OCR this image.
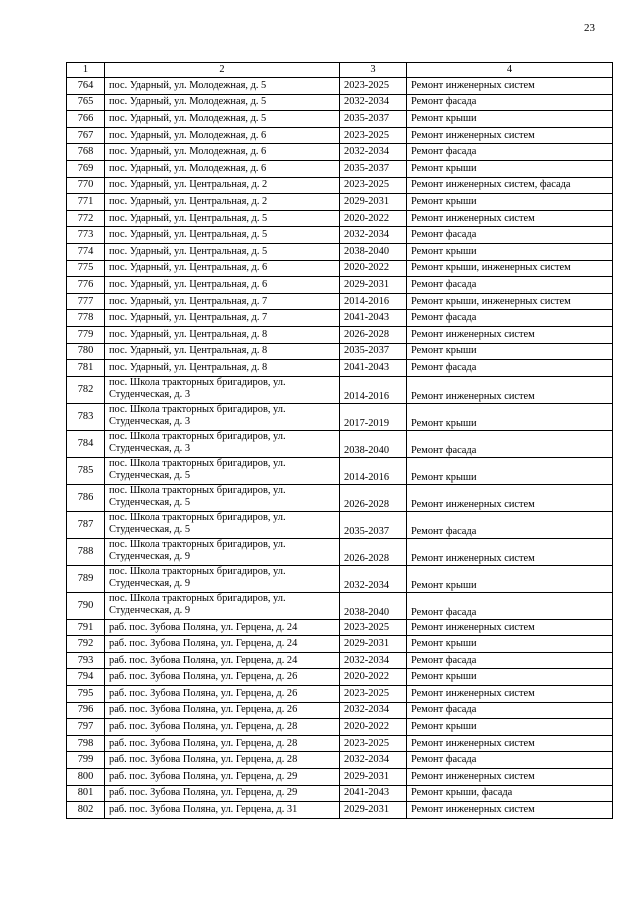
23
1	2	3	4
764	пос. Ударный, ул. Молодежная, д. 5	2023-2025	Ремонт инженерных систем
765	пос. Ударный, ул. Молодежная, д. 5	2032-2034	Ремонт фасада
766	пос. Ударный, ул. Молодежная, д. 5	2035-2037	Ремонт крыши
767	пос. Ударный, ул. Молодежная, д. 6	2023-2025	Ремонт инженерных систем
768	пос. Ударный, ул. Молодежная, д. 6	2032-2034	Ремонт фасада
769	пос. Ударный, ул. Молодежная, д. 6	2035-2037	Ремонт крыши
770	пос. Ударный, ул. Центральная, д. 2	2023-2025	Ремонт инженерных систем, фасада
771	пос. Ударный, ул. Центральная, д. 2	2029-2031	Ремонт крыши
772	пос. Ударный, ул. Центральная, д. 5	2020-2022	Ремонт инженерных систем
773	пос. Ударный, ул. Центральная, д. 5	2032-2034	Ремонт фасада
774	пос. Ударный, ул. Центральная, д. 5	2038-2040	Ремонт крыши
775	пос. Ударный, ул. Центральная, д. 6	2020-2022	Ремонт крыши, инженерных систем
776	пос. Ударный, ул. Центральная, д. 6	2029-2031	Ремонт фасада
777	пос. Ударный, ул. Центральная, д. 7	2014-2016	Ремонт крыши, инженерных систем
778	пос. Ударный, ул. Центральная, д. 7	2041-2043	Ремонт фасада
779	пос. Ударный, ул. Центральная, д. 8	2026-2028	Ремонт инженерных систем
780	пос. Ударный, ул. Центральная, д. 8	2035-2037	Ремонт крыши
781	пос. Ударный, ул. Центральная, д. 8	2041-2043	Ремонт фасада
782	пос. Школа тракторных бригадиров, ул. Студенческая, д. 3	2014-2016	Ремонт инженерных систем
783	пос. Школа тракторных бригадиров, ул. Студенческая, д. 3	2017-2019	Ремонт крыши
784	пос. Школа тракторных бригадиров, ул. Студенческая, д. 3	2038-2040	Ремонт фасада
785	пос. Школа тракторных бригадиров, ул. Студенческая, д. 5	2014-2016	Ремонт крыши
786	пос. Школа тракторных бригадиров, ул. Студенческая, д. 5	2026-2028	Ремонт инженерных систем
787	пос. Школа тракторных бригадиров, ул. Студенческая, д. 5	2035-2037	Ремонт фасада
788	пос. Школа тракторных бригадиров, ул. Студенческая, д. 9	2026-2028	Ремонт инженерных систем
789	пос. Школа тракторных бригадиров, ул. Студенческая, д. 9	2032-2034	Ремонт крыши
790	пос. Школа тракторных бригадиров, ул. Студенческая, д. 9	2038-2040	Ремонт фасада
791	раб. пос. Зубова Поляна, ул. Герцена, д. 24	2023-2025	Ремонт инженерных систем
792	раб. пос. Зубова Поляна, ул. Герцена, д. 24	2029-2031	Ремонт крыши
793	раб. пос. Зубова Поляна, ул. Герцена, д. 24	2032-2034	Ремонт фасада
794	раб. пос. Зубова Поляна, ул. Герцена, д. 26	2020-2022	Ремонт крыши
795	раб. пос. Зубова Поляна, ул. Герцена, д. 26	2023-2025	Ремонт инженерных систем
796	раб. пос. Зубова Поляна, ул. Герцена, д. 26	2032-2034	Ремонт фасада
797	раб. пос. Зубова Поляна, ул. Герцена, д. 28	2020-2022	Ремонт крыши
798	раб. пос. Зубова Поляна, ул. Герцена, д. 28	2023-2025	Ремонт инженерных систем
799	раб. пос. Зубова Поляна, ул. Герцена, д. 28	2032-2034	Ремонт фасада
800	раб. пос. Зубова Поляна, ул. Герцена, д. 29	2029-2031	Ремонт инженерных систем
801	раб. пос. Зубова Поляна, ул. Герцена, д. 29	2041-2043	Ремонт крыши, фасада
802	раб. пос. Зубова Поляна, ул. Герцена, д. 31	2029-2031	Ремонт инженерных систем
